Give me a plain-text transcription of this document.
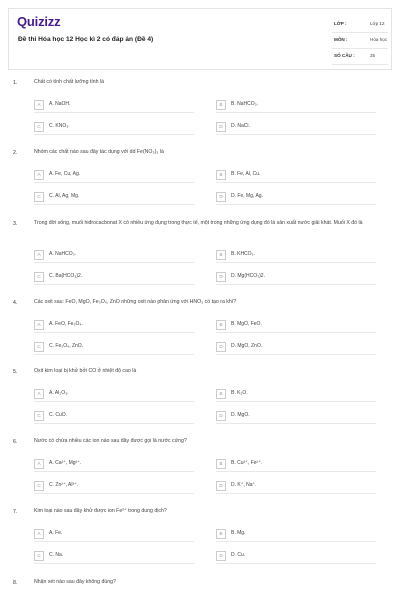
Quizizz
Đề thi Hóa học 12 Học kì 2 có đáp án (Đề 4)
LỚP :	Lớp 12
MÔN :	Hóa học
SỐ CÂU :	25
1.	Chất có tính chất lưỡng tính là
A	A. NaOH.	B	B. NaHCO₃.
C	C. KNO₃.	D	D. NaCl.
2.	Nhóm các chất nào sau đây tác dụng với dd Fe(NO₃)₃ là
A	A. Fe, Cu, Ag.	B	B. Fe, Al, Cu.
C	C. Al, Ag, Mg.	D	D. Fe, Mg, Ag.
3.	Trong đời sống, muối hiđrocacbonat X có nhiều ứng dụng trong thực tế, một trong những ứng dụng đó là sản xuất nước giải khát. Muối X đó là
A	A. NaHCO₃.	B	B. KHCO₃.
C	C. Ba(HCO₃)2.	D	D. Mg(HCO₃)2.
4.	Các oxit sau: FeO, MgO, Fe₃O₄, ZnO những oxit nào phản ứng với HNO₃ có tạo ra khí?
A	A. FeO, Fe₃O₄.	B	B. MgO, FeO.
C	C. Fe₃O₄, ZnO.	D	D. MgO, ZnO.
5.	Oxit kim loại bị khử bởi CO ở nhiệt độ cao là
A	A. Al₂O₃.	B	B. K₂O.
C	C. CuO.	D	D. MgO.
6.	Nước có chứa nhiều các ion nào sau đây được gọi là nước cứng?
A	A. Ca²⁺, Mg²⁺.	B	B. Cu²⁺, Fe²⁺.
C	C. Zn²⁺, Al³⁺.	D	D. K⁺, Na⁺.
7.	Kim loại nào sau đây khử được ion Fe²⁺ trong dung dịch?
A	A. Fe.	B	B. Mg.
C	C. Na.	D	D. Cu.
8.	Nhận xét nào sau đây không đúng?
